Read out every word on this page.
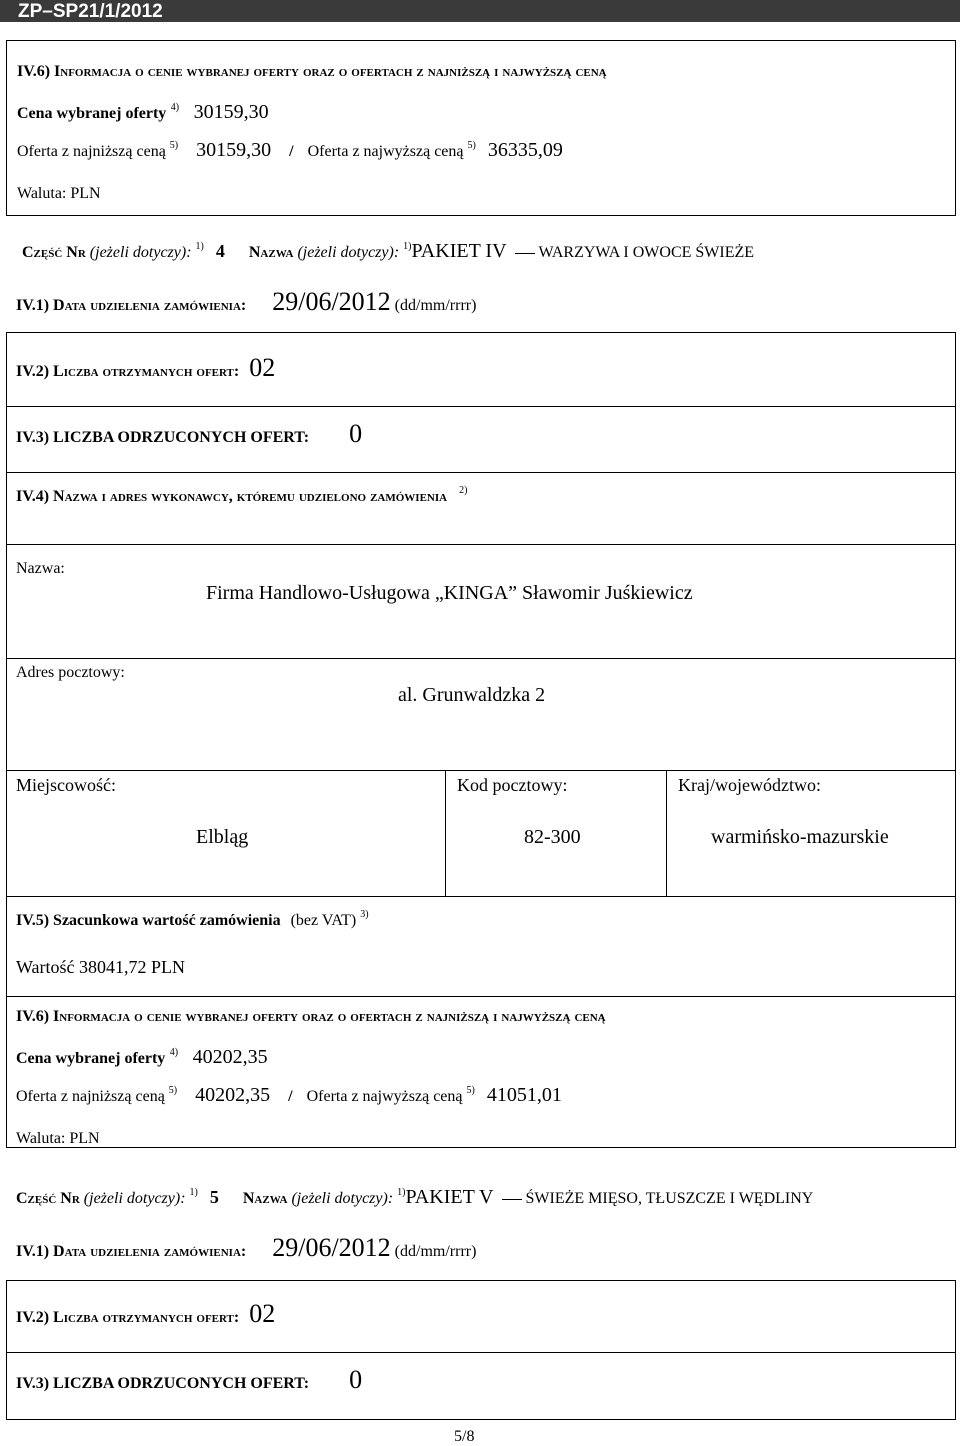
ZP–SP21/1/2012
IV.6) Informacja o cenie wybranej oferty oraz o ofertach z najniższą i najwyższą ceną
Cena wybranej oferty $^{4)}$ 30159,30
Oferta z najniższą ceną $^{5)}$ 30159,30 / Oferta z najwyższą ceną $^{5)}$ 36335,09
Waluta: PLN
Część Nr (jeżeli dotyczy): $^{1)}$ 4 Nazwa (jeżeli dotyczy): $^{1)}$PAKIET IV WARZYWA I OWOCE ŚWIEŻE
IV.1) Data udzielenia zamówienia: 29/06/2012 (dd/mm/rrrr)
IV.2) Liczba otrzymanych ofert: 02
IV.3) LICZBA ODRZUCONYCH OFERT: 0
IV.4) Nazwa i adres wykonawcy, któremu udzielono zamówienia $^{2)}$
Nazwa:
Firma Handlowo-Usługowa „KINGA” Sławomir Juśkiewicz
Adres pocztowy:
al. Grunwaldzka 2
Miejscowość:
Elbląg
Kod pocztowy:
82-300
Kraj/województwo:
warmińsko-mazurskie
IV.5) Szacunkowa wartość zamówienia (bez VAT) $^{3)}$
Wartość 38041,72 PLN
IV.6) Informacja o cenie wybranej oferty oraz o ofertach z najniższą i najwyższą ceną
Cena wybranej oferty $^{4)}$ 40202,35
Oferta z najniższą ceną $^{5)}$ 40202,35 / Oferta z najwyższą ceną $^{5)}$ 41051,01
Waluta: PLN
Część Nr (jeżeli dotyczy): $^{1)}$ 5 Nazwa (jeżeli dotyczy): $^{1)}$PAKIET V ŚWIEŻE MIĘSO, TŁUSZCZE I WĘDLINY
IV.1) Data udzielenia zamówienia: 29/06/2012 (dd/mm/rrrr)
IV.2) Liczba otrzymanych ofert: 02
IV.3) LICZBA ODRZUCONYCH OFERT: 0
5/8
